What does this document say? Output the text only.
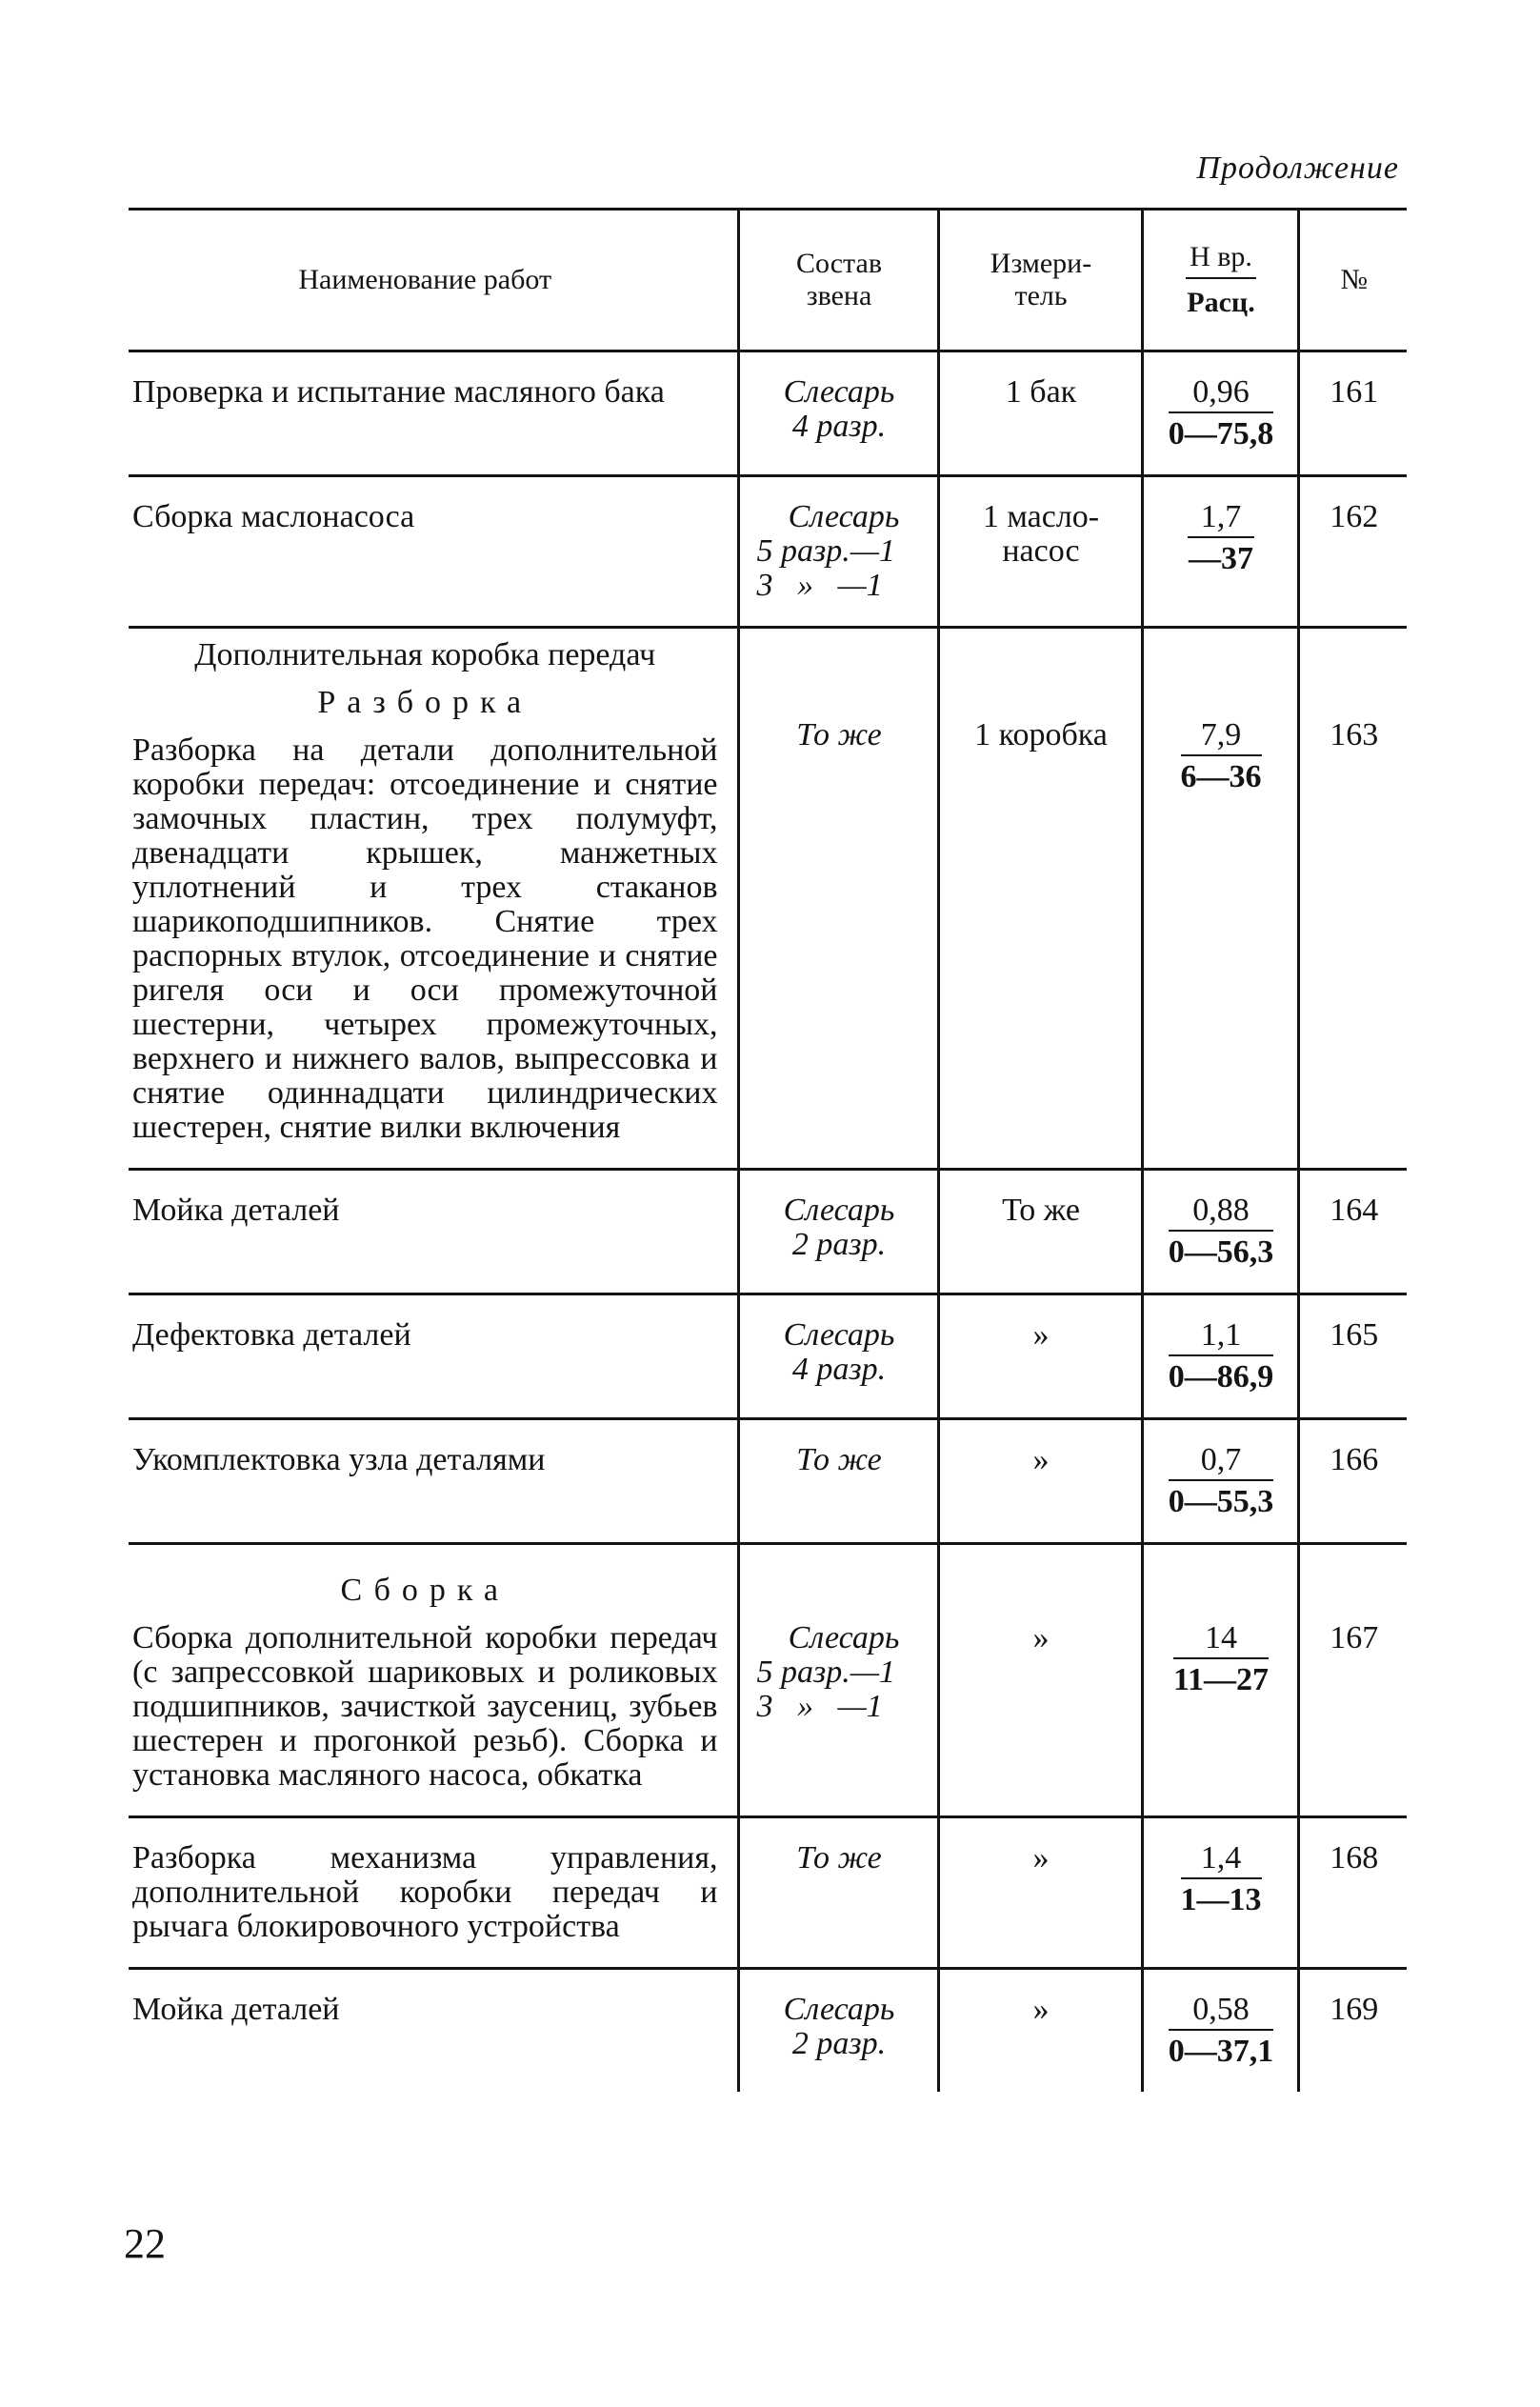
Продолжение
Наименование работ	Состав звена	Измери-тель	$\frac{\text{Н вр.}}{\text{Расц.}}$	№

Проверка и испытание масляного бака	Слесарь
4 разр.	1 бак	$\frac{0,96}{0—75,8}$	161

Сборка маслонасоса	Слесарь
5 разр.—1
3   »   —1	1 масло-насос	$\frac{1,7}{—37}$	162

Дополнительная коробка передач
Разборка
Разборка на детали дополнительной коробки передач: отсоединение и снятие замочных пластин, трех полумуфт, двенадцати крышек, манжетных уплотнений и трех стаканов шарикоподшипников. Снятие трех распорных втулок, отсоединение и снятие ригеля оси и оси промежуточной шестерни, четырех промежуточных, верхнего и нижнего валов, выпрессовка и снятие одиннадцати цилиндрических шестерен, снятие вилки включения	То же	1 коробка	$\frac{7,9}{6—36}$	163

Мойка деталей	Слесарь
2 разр.	То же	$\frac{0,88}{0—56,3}$	164

Дефектовка деталей	Слесарь
4 разр.	»	$\frac{1,1}{0—86,9}$	165

Укомплектовка узла деталями	То же	»	$\frac{0,7}{0—55,3}$	166

Сборка
Сборка дополнительной коробки передач (с запрессовкой шариковых и роликовых подшипников, зачисткой заусениц, зубьев шестерен и прогонкой резьб). Сборка и установка масляного насоса, обкатка	Слесарь
5 разр.—1
3   »   —1	»	$\frac{14}{11—27}$	167

Разборка механизма управления, дополнительной коробки передач и рычага блокировочного устройства	То же	»	$\frac{1,4}{1—13}$	168

Мойка деталей	Слесарь
2 разр.	»	$\frac{0,58}{0—37,1}$	169
22
